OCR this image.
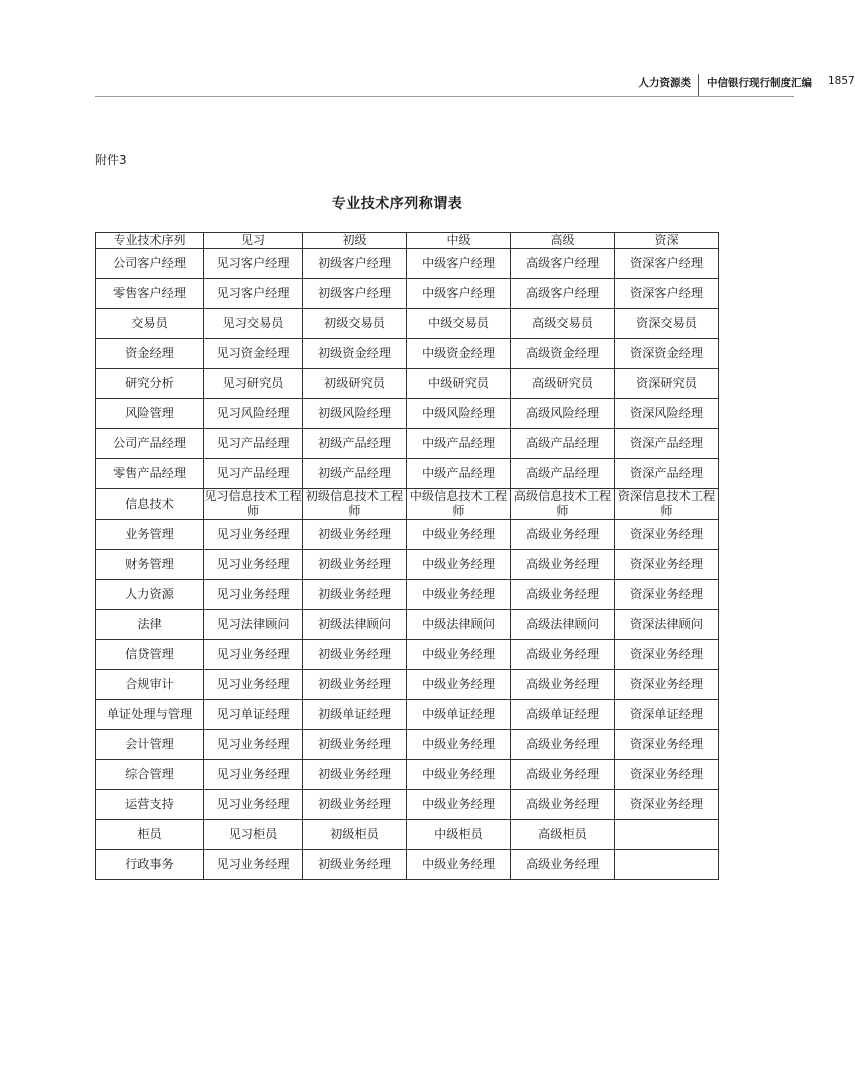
人力资源类 中信银行现行制度汇编 1857
附件3
专业技术序列称谓表
专业技术序列	见习	初级	中级	高级	资深
公司客户经理	见习客户经理	初级客户经理	中级客户经理	高级客户经理	资深客户经理
零售客户经理	见习客户经理	初级客户经理	中级客户经理	高级客户经理	资深客户经理
交易员	见习交易员	初级交易员	中级交易员	高级交易员	资深交易员
资金经理	见习资金经理	初级资金经理	中级资金经理	高级资金经理	资深资金经理
研究分析	见习研究员	初级研究员	中级研究员	高级研究员	资深研究员
风险管理	见习风险经理	初级风险经理	中级风险经理	高级风险经理	资深风险经理
公司产品经理	见习产品经理	初级产品经理	中级产品经理	高级产品经理	资深产品经理
零售产品经理	见习产品经理	初级产品经理	中级产品经理	高级产品经理	资深产品经理
信息技术	见习信息技术工程师	初级信息技术工程师	中级信息技术工程师	高级信息技术工程师	资深信息技术工程师
业务管理	见习业务经理	初级业务经理	中级业务经理	高级业务经理	资深业务经理
财务管理	见习业务经理	初级业务经理	中级业务经理	高级业务经理	资深业务经理
人力资源	见习业务经理	初级业务经理	中级业务经理	高级业务经理	资深业务经理
法律	见习法律顾问	初级法律顾问	中级法律顾问	高级法律顾问	资深法律顾问
信贷管理	见习业务经理	初级业务经理	中级业务经理	高级业务经理	资深业务经理
合规审计	见习业务经理	初级业务经理	中级业务经理	高级业务经理	资深业务经理
单证处理与管理	见习单证经理	初级单证经理	中级单证经理	高级单证经理	资深单证经理
会计管理	见习业务经理	初级业务经理	中级业务经理	高级业务经理	资深业务经理
综合管理	见习业务经理	初级业务经理	中级业务经理	高级业务经理	资深业务经理
运营支持	见习业务经理	初级业务经理	中级业务经理	高级业务经理	资深业务经理
柜员	见习柜员	初级柜员	中级柜员	高级柜员	
行政事务	见习业务经理	初级业务经理	中级业务经理	高级业务经理	
